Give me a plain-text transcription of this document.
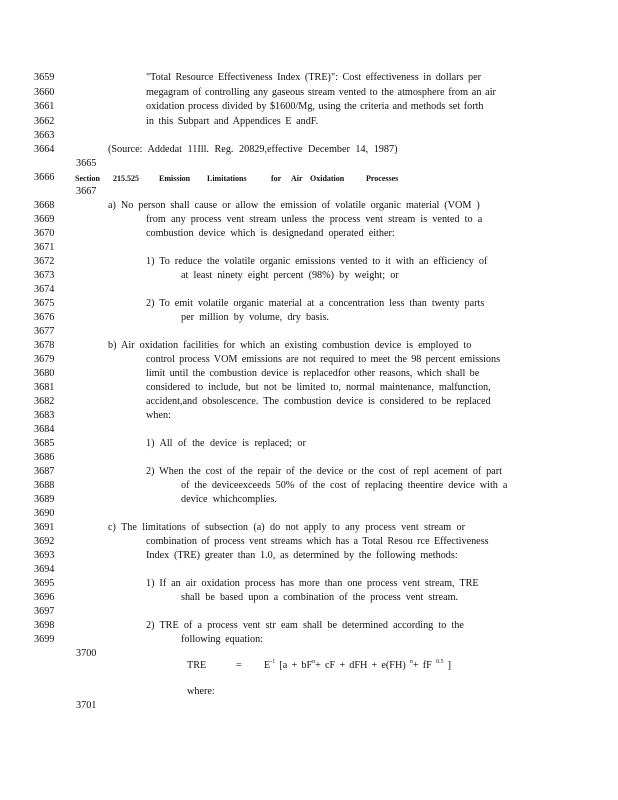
3659	"Total Resource Effectiveness Index (TRE)": Cost effectiveness in dollars per
3660	megagram of controlling any gaseous stream vented to the atmosphere from an air
3661	oxidation process divided by $1600/Mg, using the criteria and methods set forth
3662	in this Subpart and Appendices E andF.
3663
3664	(Source: Addedat 11Ill. Reg. 20829,effective December 14, 1987)
3665
3666	Section 215.525	Emission Limitations	for Air Oxidation	Processes
3667
3668	a) No person shall cause or allow the emission of volatile organic material (VOM )
3669	from any process vent stream unless the process vent stream is vented to a
3670	combustion device which is designedand operated either:
3671
3672	1) To reduce the volatile organic emissions vented to it with an efficiency of
3673	at least ninety eight percent (98%) by weight; or
3674
3675	2) To emit volatile organic material at a concentration less than twenty parts
3676	per million by volume, dry basis.
3677
3678	b) Air oxidation facilities for which an existing combustion device is employed to
3679	control process VOM emissions are not required to meet the 98 percent emissions
3680	limit until the combustion device is replacedfor other reasons, which shall be
3681	considered to include, but not be limited to, normal maintenance, malfunction,
3682	accident,and obsolescence. The combustion device is considered to be replaced
3683	when:
3684
3685	1) All of the device is replaced; or
3686
3687	2) When the cost of the repair of the device or the cost of repl acement of part
3688	of the deviceexceeds 50% of the cost of replacing theentire device with a
3689	device whichcomplies.
3690
3691	c) The limitations of subsection (a) do not apply to any process vent stream or
3692	combination of process vent streams which has a Total Resou rce Effectiveness
3693	Index (TRE) greater than 1.0, as determined by the following methods:
3694
3695	1) If an air oxidation process has more than one process vent stream, TRE
3696	shall be based upon a combination of the process vent stream.
3697
3698	2) TRE of a process vent str eam shall be determined according to the
3699	following equation:
3700
TRE	= $E^{-1}$ [$a + bF^n+$ cF + dFH + e(FH) $^n$+ fF $^{0.5}$ ]
where:
3701
